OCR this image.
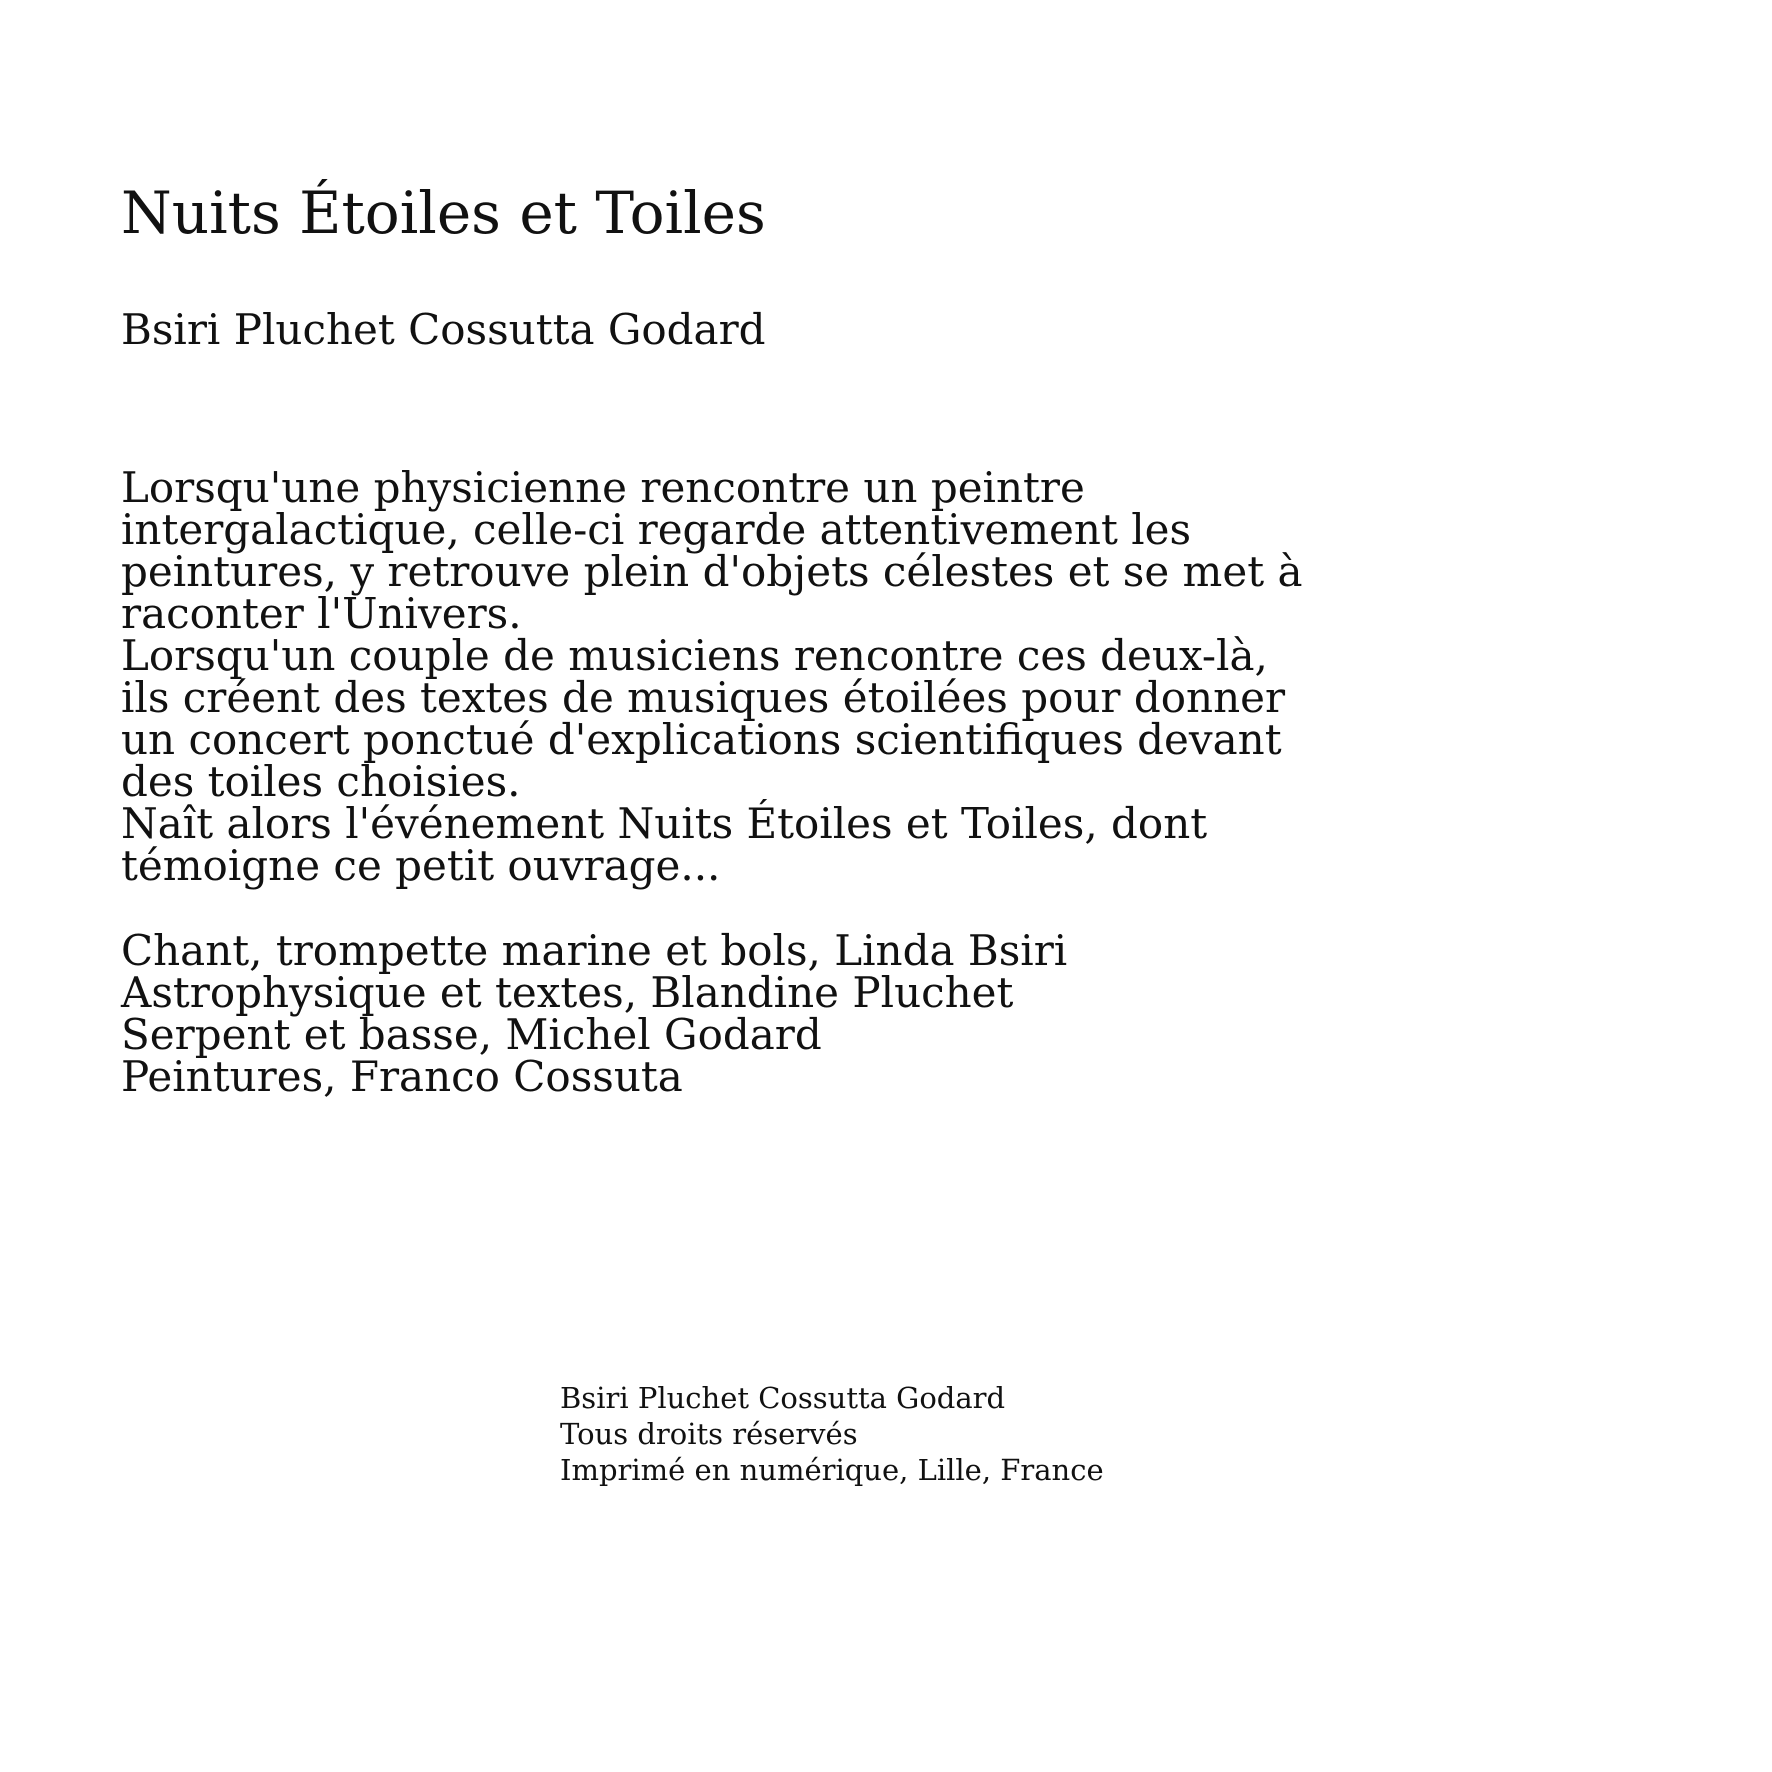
Nuits Étoiles et Toiles
Bsiri Pluchet Cossutta Godard
Lorsqu'une physicienne rencontre un peintre
intergalactique, celle-ci regarde attentivement les
peintures, y retrouve plein d'objets célestes et se met à
raconter l'Univers.
Lorsqu'un couple de musiciens rencontre ces deux-là,
ils créent des textes de musiques étoilées pour donner
un concert ponctué d'explications scientifiques devant
des toiles choisies.
Naît alors l'événement Nuits Étoiles et Toiles, dont
témoigne ce petit ouvrage...
Chant, trompette marine et bols, Linda Bsiri
Astrophysique et textes, Blandine Pluchet
Serpent et basse, Michel Godard
Peintures, Franco Cossuta
Bsiri Pluchet Cossutta Godard
Tous droits réservés
Imprimé en numérique, Lille, France
